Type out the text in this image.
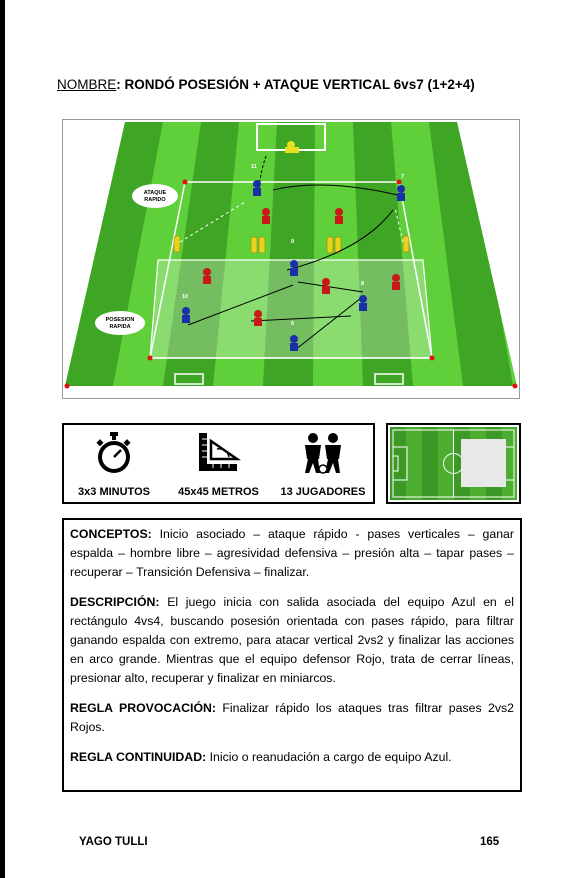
NOMBRE: RONDÓ POSESIÓN + ATAQUE VERTICAL 6vs7 (1+2+4)
ATAQUE
RAPIDO
POSESION
RAPIDA
11
7
9
10
8
6
3x3 MINUTOS	45x45 METROS	13 JUGADORES

CONCEPTOS: Inicio asociado – ataque rápido - pases verticales – ganar espalda – hombre libre – agresividad defensiva – presión alta – tapar pases – recuperar – Transición Defensiva – finalizar.

DESCRIPCIÓN: El juego inicia con salida asociada del equipo Azul en el rectángulo 4vs4, buscando posesión orientada con pases rápido, para filtrar ganando espalda con extremo, para atacar vertical 2vs2 y finalizar las acciones en arco grande. Mientras que el equipo defensor Rojo, trata de cerrar líneas, presionar alto, recuperar y finalizar en miniarcos.

REGLA PROVOCACIÓN: Finalizar rápido los ataques tras filtrar pases 2vs2 Rojos.

REGLA CONTINUIDAD: Inicio o reanudación a cargo de equipo Azul.

YAGO TULLI	165
